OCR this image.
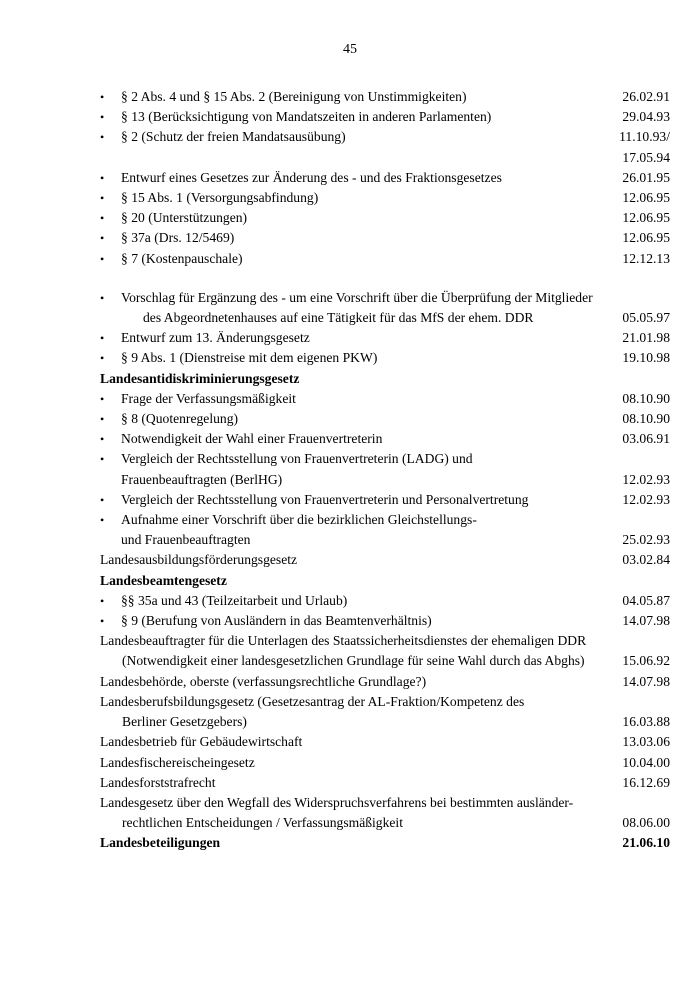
45
•	§ 2 Abs. 4 und § 15 Abs. 2 (Bereinigung von Unstimmigkeiten)	26.02.91
•	§ 13 (Berücksichtigung von Mandatszeiten in anderen Parlamenten)	29.04.93
•	§ 2 (Schutz der freien Mandatsausübung)	11.10.93/
17.05.94
•	Entwurf eines Gesetzes zur Änderung des - und des Fraktionsgesetzes	26.01.95
•	§ 15 Abs. 1 (Versorgungsabfindung)	12.06.95
•	§ 20 (Unterstützungen)	12.06.95
•	§ 37a (Drs. 12/5469)	12.06.95
•	§ 7 (Kostenpauschale)	12.12.13
•	Vorschlag für Ergänzung des - um eine Vorschrift über die Überprüfung der Mitglieder
des Abgeordnetenhauses auf eine Tätigkeit für das MfS der ehem. DDR	05.05.97
•	Entwurf zum 13. Änderungsgesetz	21.01.98
•	§ 9 Abs. 1 (Dienstreise mit dem eigenen PKW)	19.10.98
Landesantidiskriminierungsgesetz
•	Frage der Verfassungsmäßigkeit	08.10.90
•	§ 8 (Quotenregelung)	08.10.90
•	Notwendigkeit der Wahl einer Frauenvertreterin	03.06.91
•	Vergleich der Rechtsstellung von Frauenvertreterin (LADG) und
Frauenbeauftragten (BerlHG)	12.02.93
•	Vergleich der Rechtsstellung von Frauenvertreterin und Personalvertretung	12.02.93
•	Aufnahme einer Vorschrift über die bezirklichen Gleichstellungs-
und Frauenbeauftragten	25.02.93
Landesausbildungsförderungsgesetz	03.02.84
Landesbeamtengesetz
•	§§ 35a und 43 (Teilzeitarbeit und Urlaub)	04.05.87
•	§ 9 (Berufung von Ausländern in das Beamtenverhältnis)	14.07.98
Landesbeauftragter für die Unterlagen des Staatssicherheitsdienstes der ehemaligen DDR
(Notwendigkeit einer landesgesetzlichen Grundlage für seine Wahl durch das Abghs)	15.06.92
Landesbehörde, oberste (verfassungsrechtliche Grundlage?)	14.07.98
Landesberufsbildungsgesetz (Gesetzesantrag der AL-Fraktion/Kompetenz des
Berliner Gesetzgebers)	16.03.88
Landesbetrieb für Gebäudewirtschaft	13.03.06
Landesfischereischeingesetz	10.04.00
Landesforststrafrecht	16.12.69
Landesgesetz über den Wegfall des Widerspruchsverfahrens bei bestimmten ausländer-
rechtlichen Entscheidungen / Verfassungsmäßigkeit	08.06.00
Landesbeteiligungen	21.06.10
